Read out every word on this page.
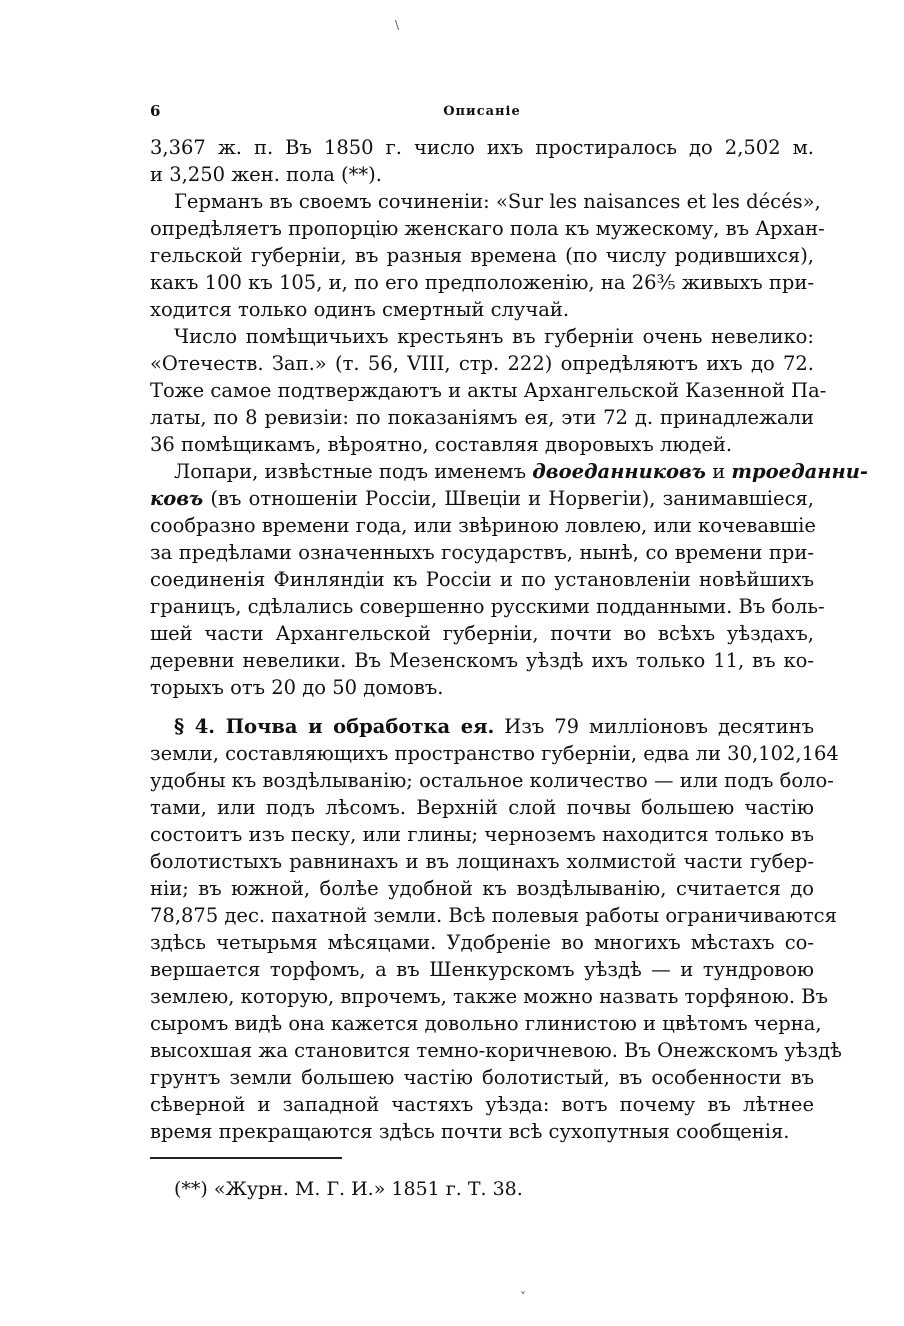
6	Описаніе
3,367 ж. п. Въ 1850 г. число ихъ простиралось до 2,502 м.
и 3,250 жен. пола (**).
Германъ въ своемъ сочиненіи: «Sur les naisances et les décés»,
опредѣляетъ пропорцію женскаго пола къ мужескому, въ Архан-
гельской губерніи, въ разныя времена (по числу родившихся),
какъ 100 къ 105, и, по его предположенію, на 26⅗ живыхъ при-
ходится только одинъ смертный случай.
Число помѣщичьихъ крестьянъ въ губерніи очень невелико:
«Отечеств. Зап.» (т. 56, VIII, стр. 222) опредѣляютъ ихъ до 72.
Тоже самое подтверждаютъ и акты Архангельской Казенной Па-
латы, по 8 ревизіи: по показаніямъ ея, эти 72 д. принадлежали
36 помѣщикамъ, вѣроятно, составляя дворовыхъ людей.
Лопари, извѣстные подъ именемъ двоеданниковъ и троеданни-
ковъ (въ отношеніи Россіи, Швеціи и Норвегіи), занимавшіеся,
сообразно времени года, или звѣриною ловлею, или кочевавшіе
за предѣлами означенныхъ государствъ, нынѣ, со времени при-
соединенія Финляндіи къ Россіи и по установленіи новѣйшихъ
границъ, сдѣлались совершенно русскими подданными. Въ боль-
шей части Архангельской губерніи, почти во всѣхъ уѣздахъ,
деревни невелики. Въ Мезенскомъ уѣздѣ ихъ только 11, въ ко-
торыхъ отъ 20 до 50 домовъ.
§ 4. Почва и обработка ея. Изъ 79 милліоновъ десятинъ
земли, составляющихъ пространство губерніи, едва ли 30,102,164
удобны къ воздѣлыванію; остальное количество — или подъ боло-
тами, или подъ лѣсомъ. Верхній слой почвы большею частію
состоитъ изъ песку, или глины; черноземъ находится только въ
болотистыхъ равнинахъ и въ лощинахъ холмистой части губер-
ніи; въ южной, болѣе удобной къ воздѣлыванію, считается до
78,875 дес. пахатной земли. Всѣ полевыя работы ограничиваются
здѣсь четырьмя мѣсяцами. Удобреніе во многихъ мѣстахъ со-
вершается торфомъ, а въ Шенкурскомъ уѣздѣ — и тундровою
землею, которую, впрочемъ, также можно назвать торфяною. Въ
сыромъ видѣ она кажется довольно глинистою и цвѣтомъ черна,
высохшая жа становится темно-коричневою. Въ Онежскомъ уѣздѣ
грунтъ земли большею частію болотистый, въ особенности въ
сѣверной и западной частяхъ уѣзда: вотъ почему въ лѣтнее
время прекращаются здѣсь почти всѣ сухопутныя сообщенія.
(**) «Журн. М. Г. И.» 1851 г. Т. 38.
\
˅
